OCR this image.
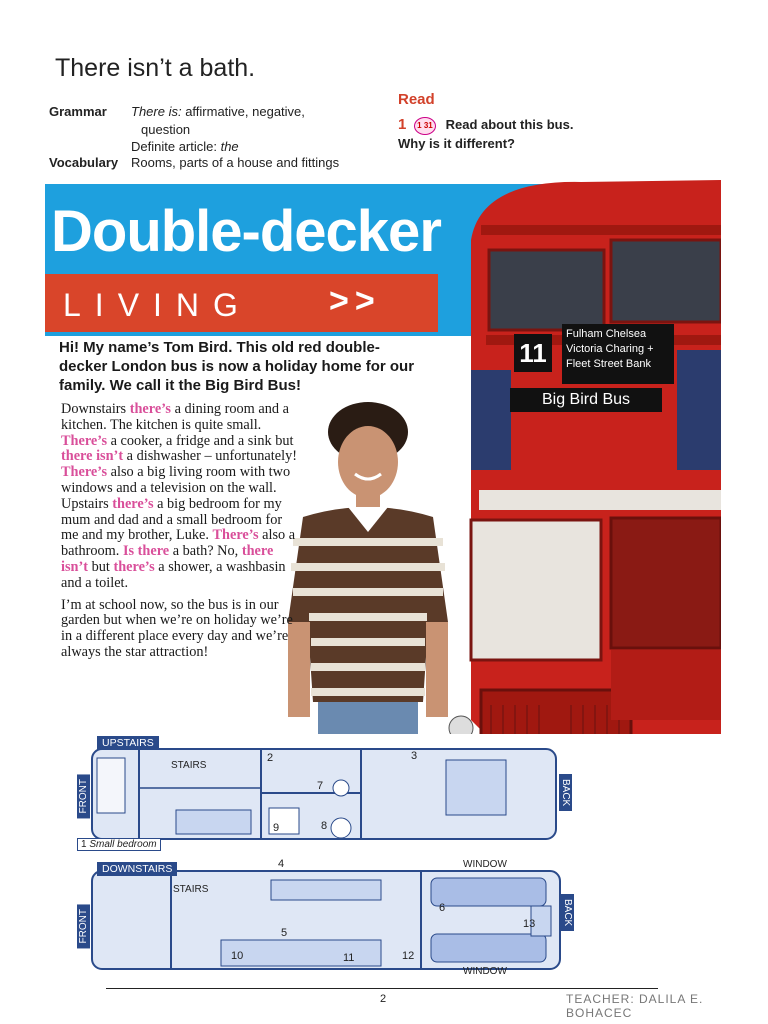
There isn’t a bath.
Grammar There is: affirmative, negative,
question
Definite article: the
Vocabulary Rooms, parts of a house and fittings
Read
1 1 31 Read about this bus.
Why is it different?
Double-decker
LIVING >>
11
Fulham Chelsea
Victoria Charing +
Fleet Street Bank
Big Bird Bus
Hi! My name’s Tom Bird. This old red double-decker London bus is now a holiday home for our family. We call it the Big Bird Bus!
Downstairs there’s a dining room and a kitchen. The kitchen is quite small. There’s a cooker, a fridge and a sink but there isn’t a dishwasher – unfortunately! There’s also a big living room with two windows and a television on the wall. Upstairs there’s a big bedroom for my mum and dad and a small bedroom for me and my brother, Luke. There’s also a bathroom. Is there a bath? No, there isn’t but there’s a shower, a washbasin and a toilet.
I’m at school now, so the bus is in our garden but when we’re on holiday we’re in a different place every day and we’re always the star attraction!
UPSTAIRS
FRONT	BACK
STAIRS
1 Small bedroom
2	3
7
8
9
DOWNSTAIRS
FRONT	BACK
STAIRS
WINDOW
WINDOW
4
5
6
10	11	12
13
2	TEACHER: DALILA E. BOHACEC
